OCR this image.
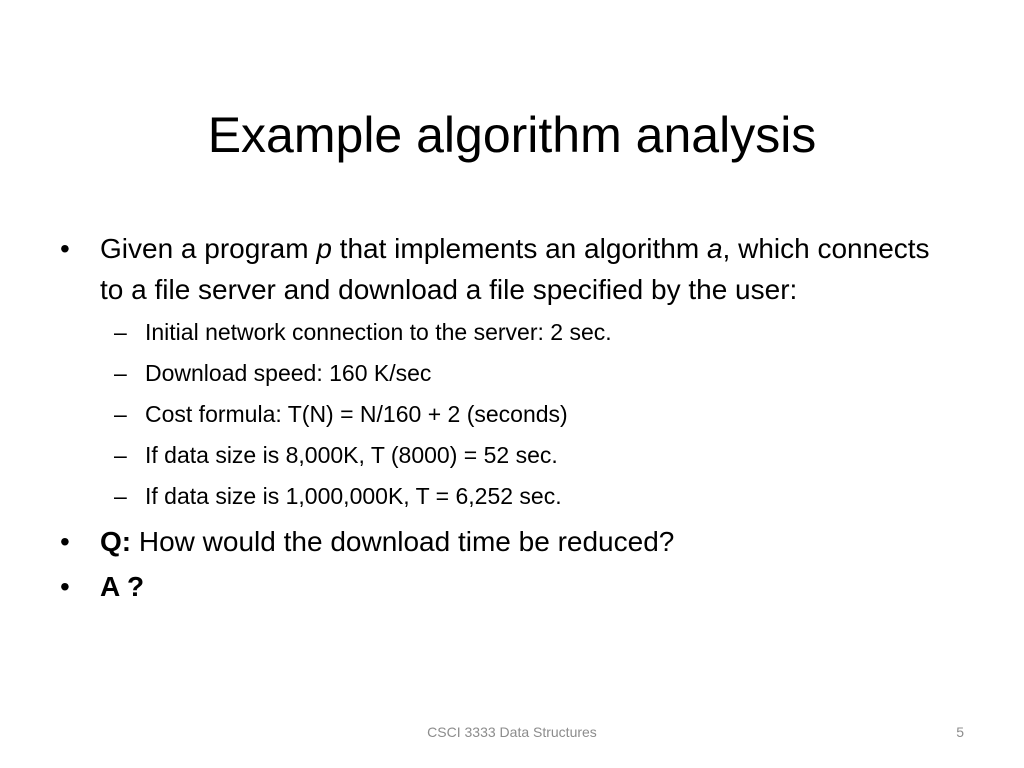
Example algorithm analysis
• Given a program p that implements an algorithm a, which connects to a file server and download a file specified by the user:
– Initial network connection to the server: 2 sec.
– Download speed: 160 K/sec
– Cost formula: T(N) = N/160 + 2 (seconds)
– If data size is 8,000K, T (8000) = 52 sec.
– If data size is 1,000,000K, T = 6,252 sec.
• Q: How would the download time be reduced?
• A ?
CSCI 3333 Data Structures	5
